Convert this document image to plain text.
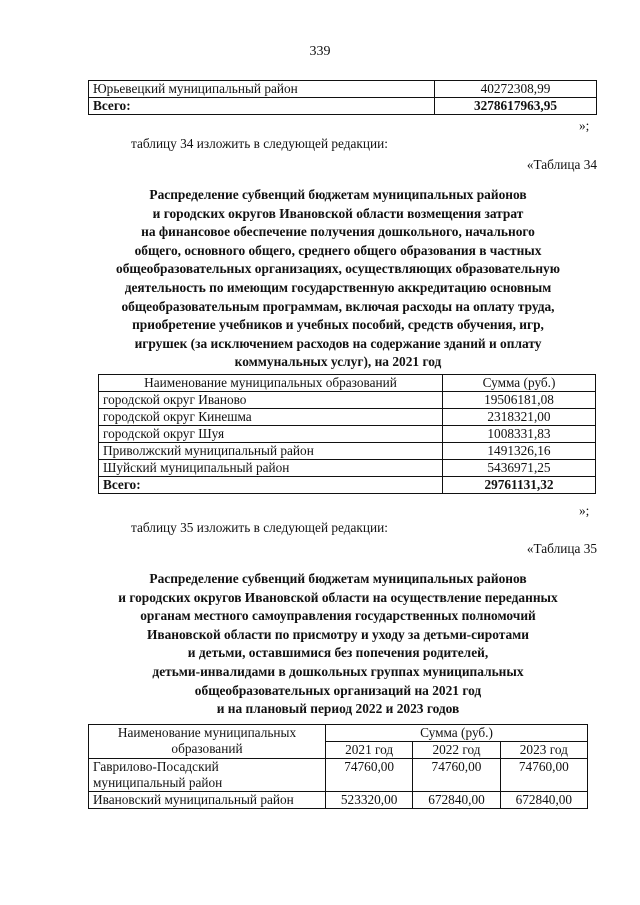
339
Юрьевецкий муниципальный район	40272308,99
Всего:	3278617963,95
»;
таблицу 34 изложить в следующей редакции:
«Таблица 34
Распределение субвенций бюджетам муниципальных районов
и городских округов Ивановской области возмещения затрат
на финансовое обеспечение получения дошкольного, начального
общего, основного общего, среднего общего образования в частных
общеобразовательных организациях, осуществляющих образовательную
деятельность по имеющим государственную аккредитацию основным
общеобразовательным программам, включая расходы на оплату труда,
приобретение учебников и учебных пособий, средств обучения, игр,
игрушек (за исключением расходов на содержание зданий и оплату
коммунальных услуг), на 2021 год
Наименование муниципальных образований	Сумма (руб.)
городской округ Иваново	19506181,08
городской округ Кинешма	2318321,00
городской округ Шуя	1008331,83
Приволжский муниципальный район	1491326,16
Шуйский муниципальный район	5436971,25
Всего:	29761131,32
»;
таблицу 35 изложить в следующей редакции:
«Таблица 35
Распределение субвенций бюджетам муниципальных районов
и городских округов Ивановской области на осуществление переданных
органам местного самоуправления государственных полномочий
Ивановской области по присмотру и уходу за детьми-сиротами
и детьми, оставшимися без попечения родителей,
детьми-инвалидами в дошкольных группах муниципальных
общеобразовательных организаций на 2021 год
и на плановый период 2022 и 2023 годов
Наименование муниципальных
образований	Сумма (руб.)		
	2021 год	2022 год	2023 год

Гаврилово-Посадский
муниципальный район	74760,00	74760,00	74760,00
Ивановский муниципальный район	523320,00	672840,00	672840,00
